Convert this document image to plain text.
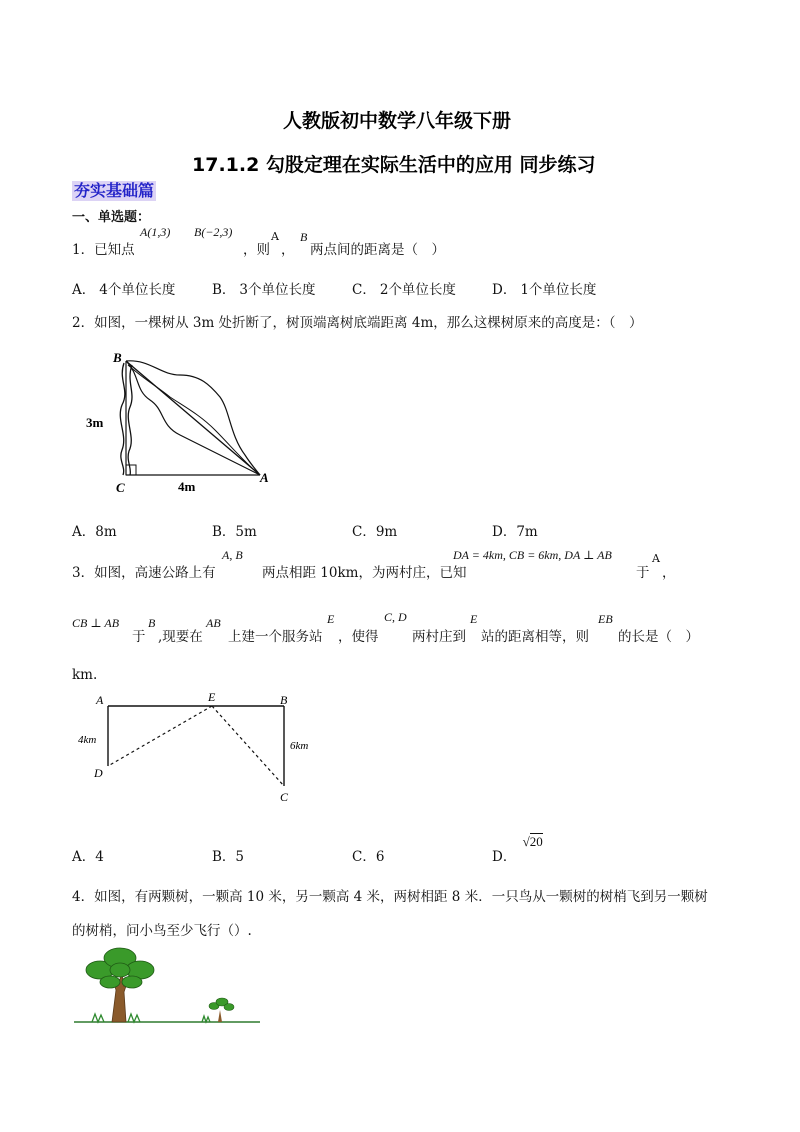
人教版初中数学八年级下册
17.1.2 勾股定理在实际生活中的应用 同步练习
夯实基础篇
一、单选题：
1．已知点
A(1,3) B(−2,3)
，则
A
，
B
两点间的距离是（　）
A． 4个单位长度	B． 3个单位长度	C． 2个单位长度	D． 1个单位长度
2．如图，一棵树从 3m 处折断了，树顶端离树底端距离 4m，那么这棵树原来的高度是：（　）
B
C
A
3m
4m
A．8m	B．5m	C．9m	D．7m
3．如图，高速公路上有
A, B
两点相距 10km，为两村庄，已知
DA = 4km, CB = 6km, DA ⊥ AB
于
A
，
CB ⊥ AB
于
B
,现要在
AB
上建一个服务站
E
，使得
C, D
两村庄到
E
站的距离相等，则
EB
的长是（　）
km.
A	E	B
D
C
4km	6km
A．4	B．5	C．6	D． √20
4．如图，有两颗树，一颗高 10 米，另一颗高 4 米，两树相距 8 米．一只鸟从一颗树的树梢飞到另一颗树
的树梢，问小鸟至少飞行（）.
